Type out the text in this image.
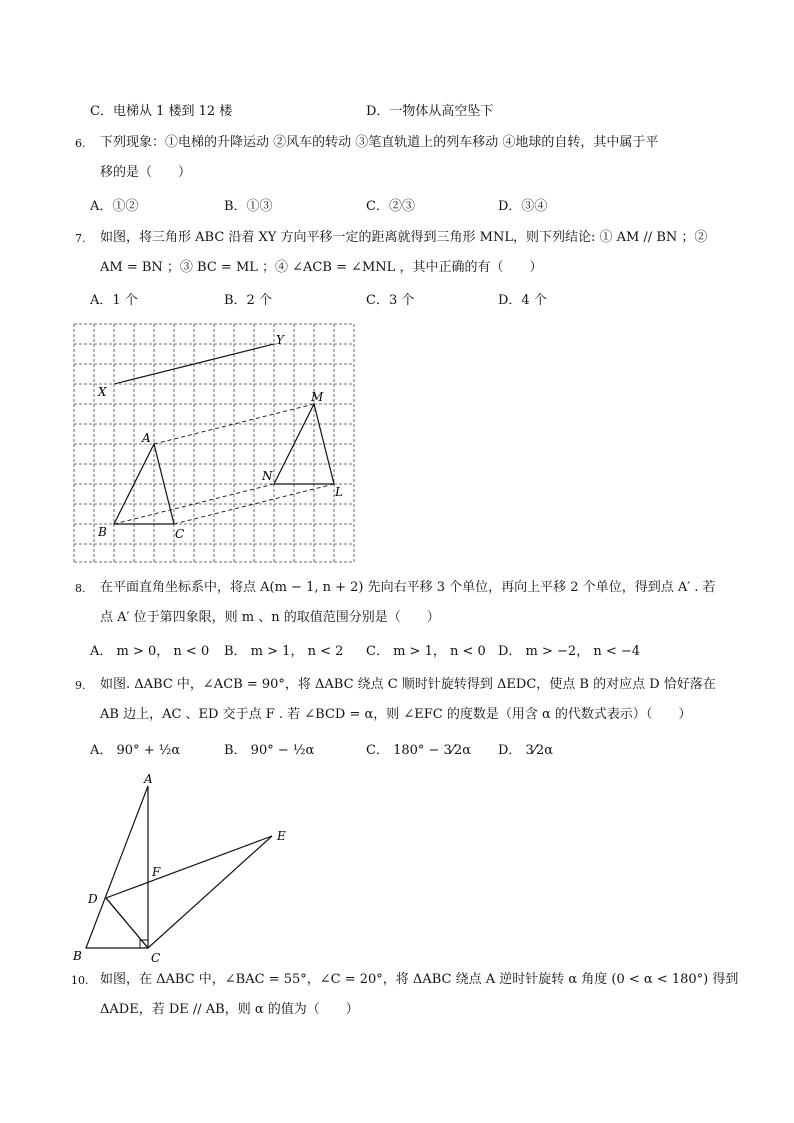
C．电梯从 1 楼到 12 楼	D．一物体从高空坠下
6. 下列现象：①电梯的升降运动 ②风车的转动 ③笔直轨道上的列车移动 ④地球的自转，其中属于平
移的是（　　）
A．①②	B．①③	C．②③	D．③④
7. 如图，将三角形 ABC 沿着 XY 方向平移一定的距离就得到三角形 MNL，则下列结论: ① AM // BN ；②
AM = BN ；③ BC = ML ；④ ∠ACB = ∠MNL ，其中正确的有（　　）
A．1 个	B．2 个	C．3 个	D．4 个
X
Y
A
B	C
M
N
L
8. 在平面直角坐标系中，将点 A(m − 1, n + 2) 先向右平移 3 个单位，再向上平移 2 个单位，得到点 A′ . 若
点 A′ 位于第四象限，则 m 、n 的取值范围分别是（　　）
A． m > 0， n < 0 B． m > 1， n < 2 C． m > 1， n < 0 D． m > −2， n < −4
9. 如图. ΔABC 中，∠ACB = 90°，将 ΔABC 绕点 C 顺时针旋转得到 ΔEDC，使点 B 的对应点 D 恰好落在
AB 边上，AC 、ED 交于点 F . 若 ∠BCD = α，则 ∠EFC 的度数是（用含 α 的代数式表示）（　　）
A． 90° + ½α	B． 90° − ½α	C． 180° − 3⁄2α D． 3⁄2α
A
B	C
D
E
F
10. 如图，在 ΔABC 中，∠BAC = 55°，∠C = 20°，将 ΔABC 绕点 A 逆时针旋转 α 角度 (0 < α < 180°) 得到
ΔADE，若 DE // AB，则 α 的值为（　　）
